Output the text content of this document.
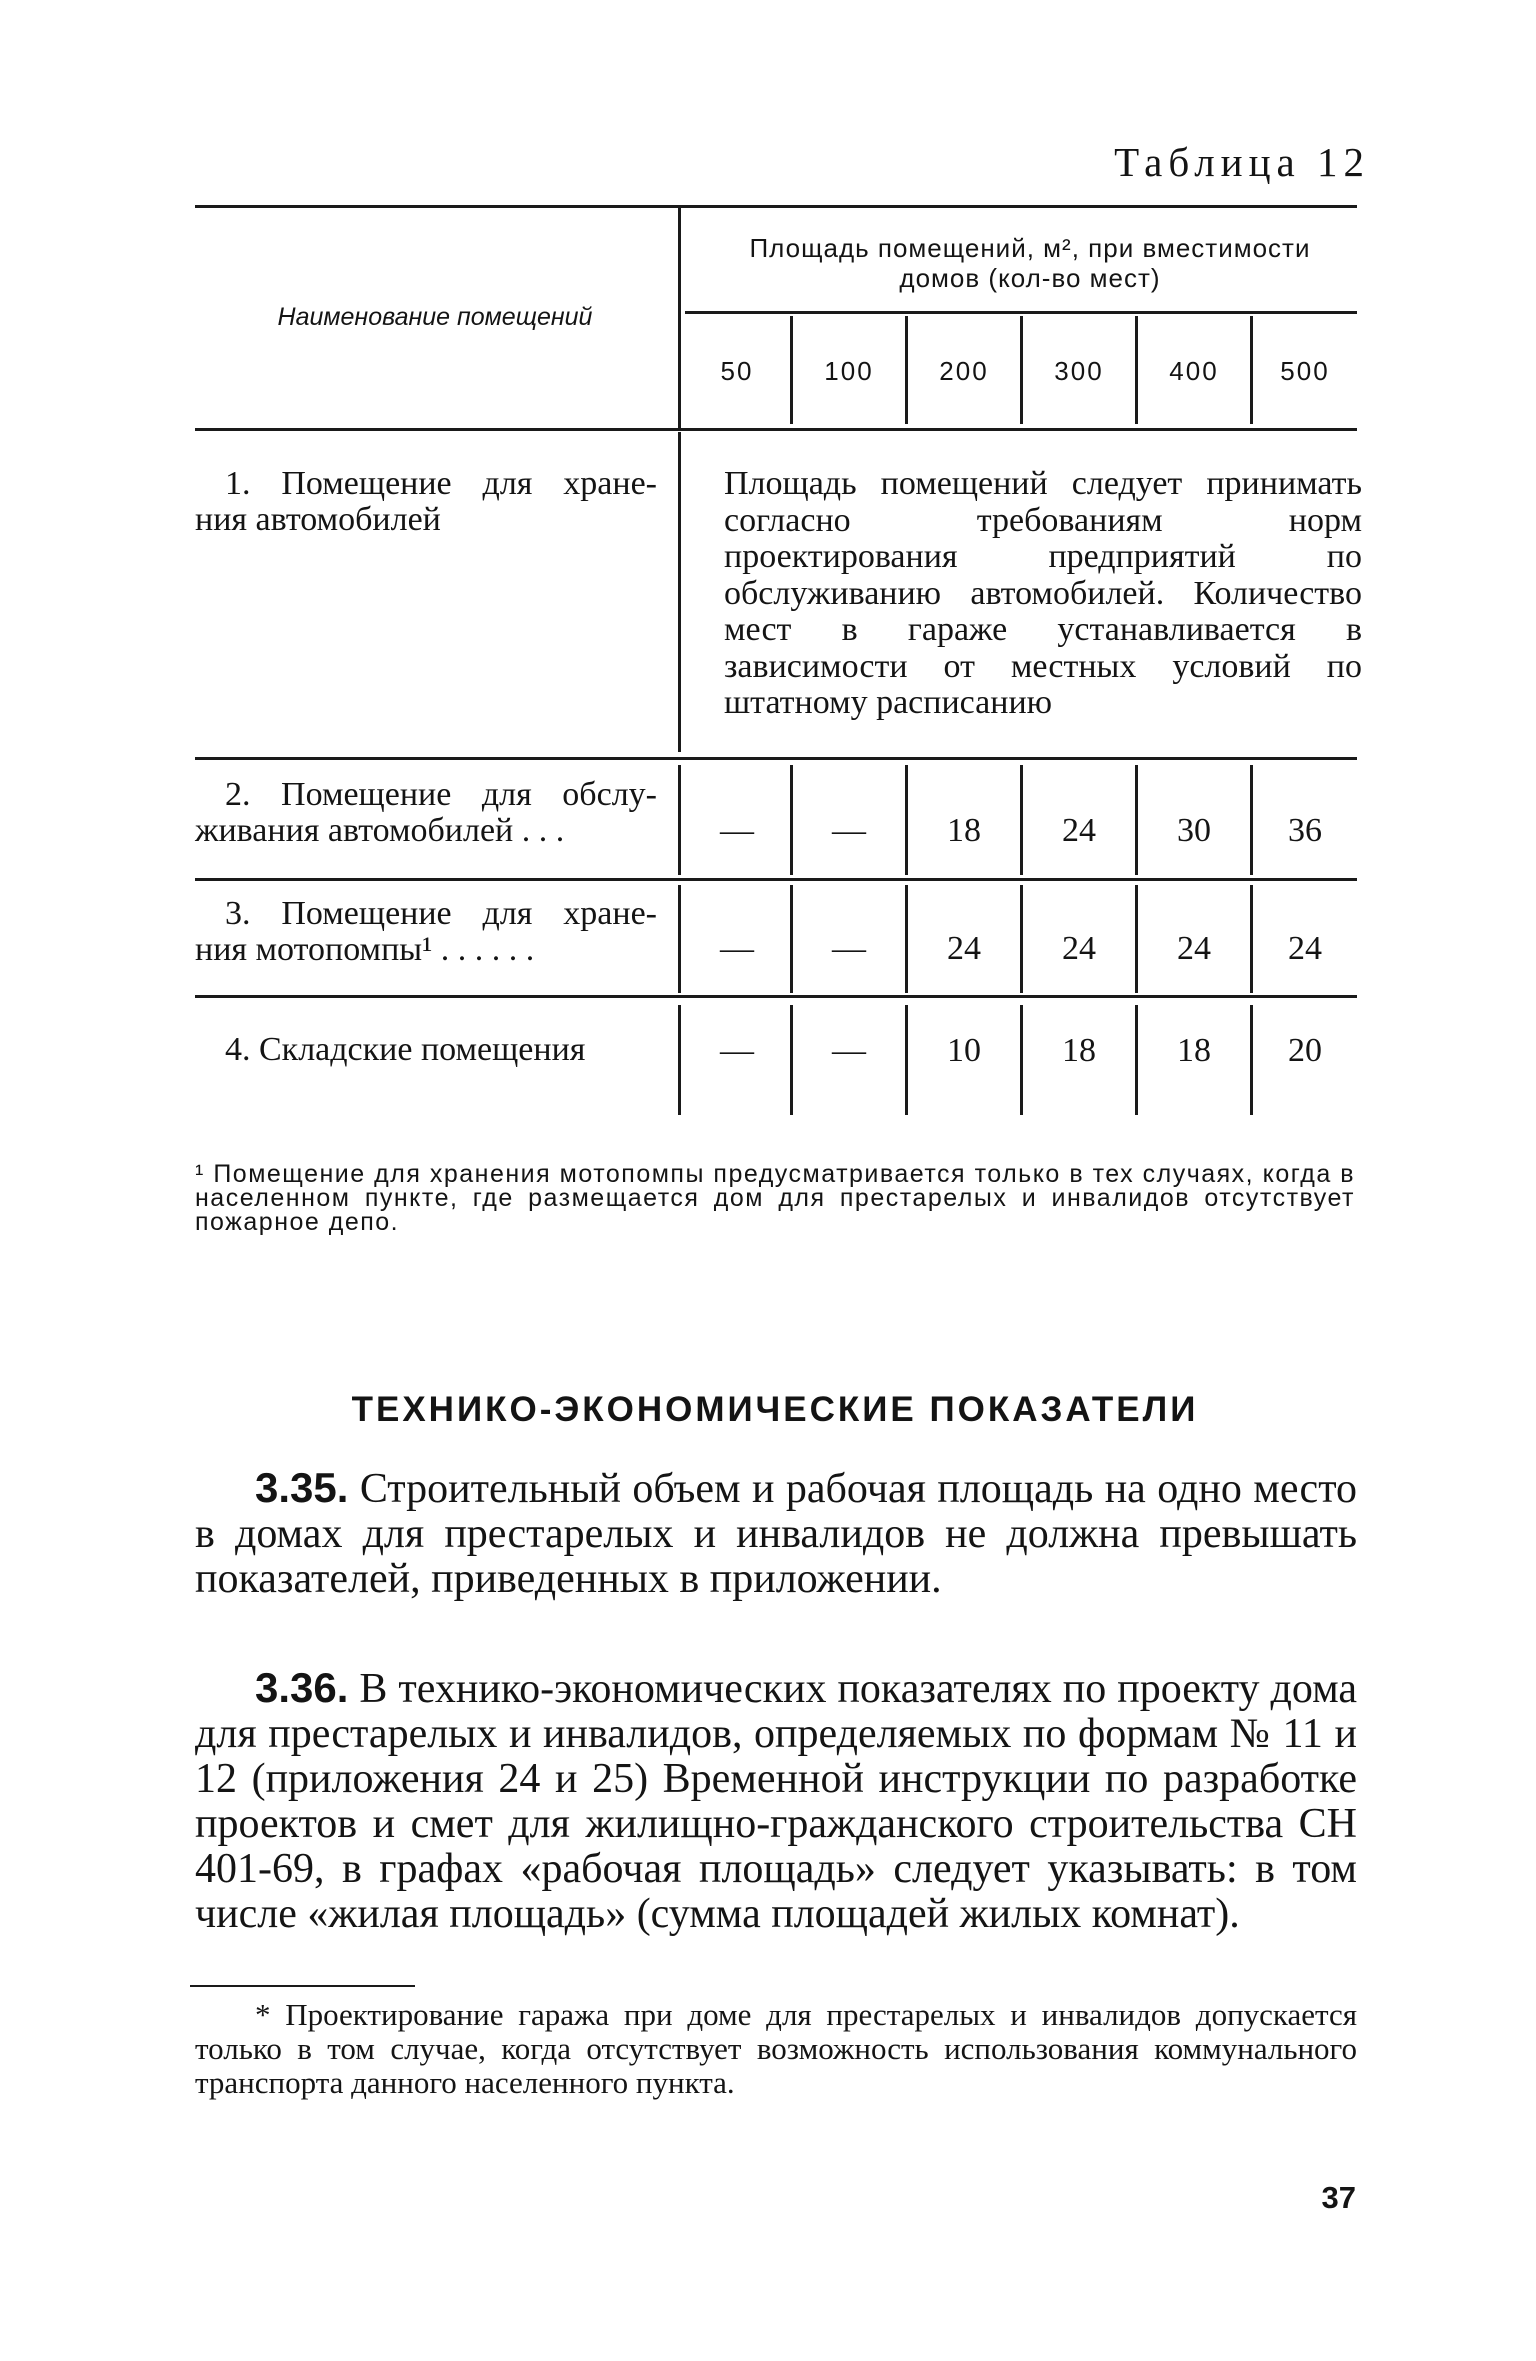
Таблица 12
Наименование помещений
Площадь помещений, м², при вместимости
домов (кол-во мест)
50	100	200	300	400	500
1. Помещение для хране-
ния автомобилей
Площадь помещений следует принимать согласно требованиям норм проектирования предприятий по обслуживанию автомобилей. Количество мест в гараже устанавливается в зависимости от местных условий по штатному расписанию
2. Помещение для обслу-
живания автомобилей . . .	—	—	18	24	30	36
3. Помещение для хране-
ния мотопомпы¹ . . . . . .	—	—	24	24	24	24
4. Складские помещения	—	—	10	18	18	20
¹ Помещение для хранения мотопомпы предусматривается только в тех случаях, когда в населенном пункте, где размещается дом для престарелых и инвалидов отсутствует пожарное депо.
ТЕХНИКО-ЭКОНОМИЧЕСКИЕ ПОКАЗАТЕЛИ
3.35. Строительный объем и рабочая площадь на одно место в домах для престарелых и инвалидов не должна превышать показателей, приведенных в приложении.
3.36. В технико-экономических показателях по проекту дома для престарелых и инвалидов, определяемых по формам № 11 и 12 (приложения 24 и 25) Временной инструкции по разработке проектов и смет для жилищно-гражданского строительства СН 401-69, в графах «рабочая площадь» следует указывать: в том числе «жилая площадь» (сумма площадей жилых комнат).
* Проектирование гаража при доме для престарелых и инвалидов допускается только в том случае, когда отсутствует возможность использования коммунального транспорта данного населенного пункта.
37
